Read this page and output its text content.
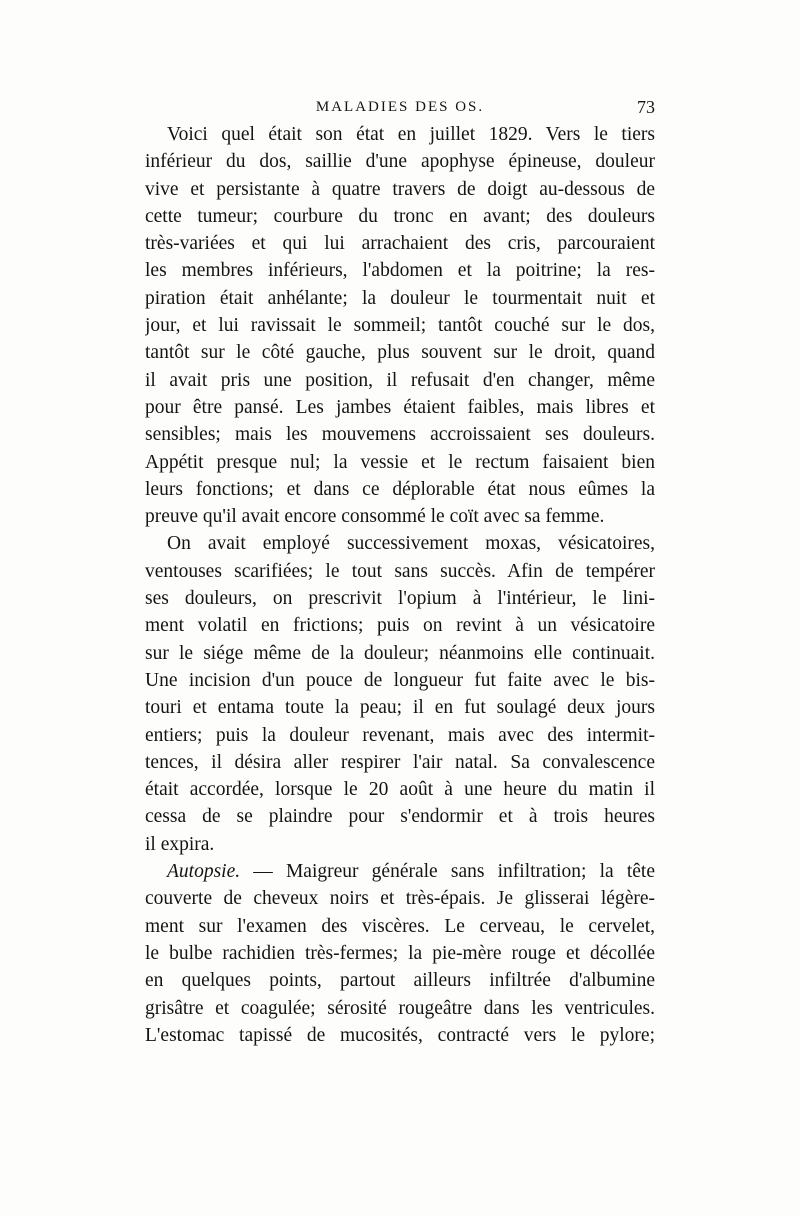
MALADIES DES OS.	73
Voici quel était son état en juillet 1829. Vers le tiers
inférieur du dos, saillie d'une apophyse épineuse, douleur
vive et persistante à quatre travers de doigt au-dessous de
cette tumeur; courbure du tronc en avant; des douleurs
très-variées et qui lui arrachaient des cris, parcouraient
les membres inférieurs, l'abdomen et la poitrine; la res-
piration était anhélante; la douleur le tourmentait nuit et
jour, et lui ravissait le sommeil; tantôt couché sur le dos,
tantôt sur le côté gauche, plus souvent sur le droit, quand
il avait pris une position, il refusait d'en changer, même
pour être pansé. Les jambes étaient faibles, mais libres et
sensibles; mais les mouvemens accroissaient ses douleurs.
Appétit presque nul; la vessie et le rectum faisaient bien
leurs fonctions; et dans ce déplorable état nous eûmes la
preuve qu'il avait encore consommé le coït avec sa femme.
On avait employé successivement moxas, vésicatoires,
ventouses scarifiées; le tout sans succès. Afin de tempérer
ses douleurs, on prescrivit l'opium à l'intérieur, le lini-
ment volatil en frictions; puis on revint à un vésicatoire
sur le siége même de la douleur; néanmoins elle continuait.
Une incision d'un pouce de longueur fut faite avec le bis-
touri et entama toute la peau; il en fut soulagé deux jours
entiers; puis la douleur revenant, mais avec des intermit-
tences, il désira aller respirer l'air natal. Sa convalescence
était accordée, lorsque le 20 août à une heure du matin il
cessa de se plaindre pour s'endormir et à trois heures
il expira.
Autopsie. — Maigreur générale sans infiltration; la tête
couverte de cheveux noirs et très-épais. Je glisserai légère-
ment sur l'examen des viscères. Le cerveau, le cervelet,
le bulbe rachidien très-fermes; la pie-mère rouge et décollée
en quelques points, partout ailleurs infiltrée d'albumine
grisâtre et coagulée; sérosité rougeâtre dans les ventricules.
L'estomac tapissé de mucosités, contracté vers le pylore;
